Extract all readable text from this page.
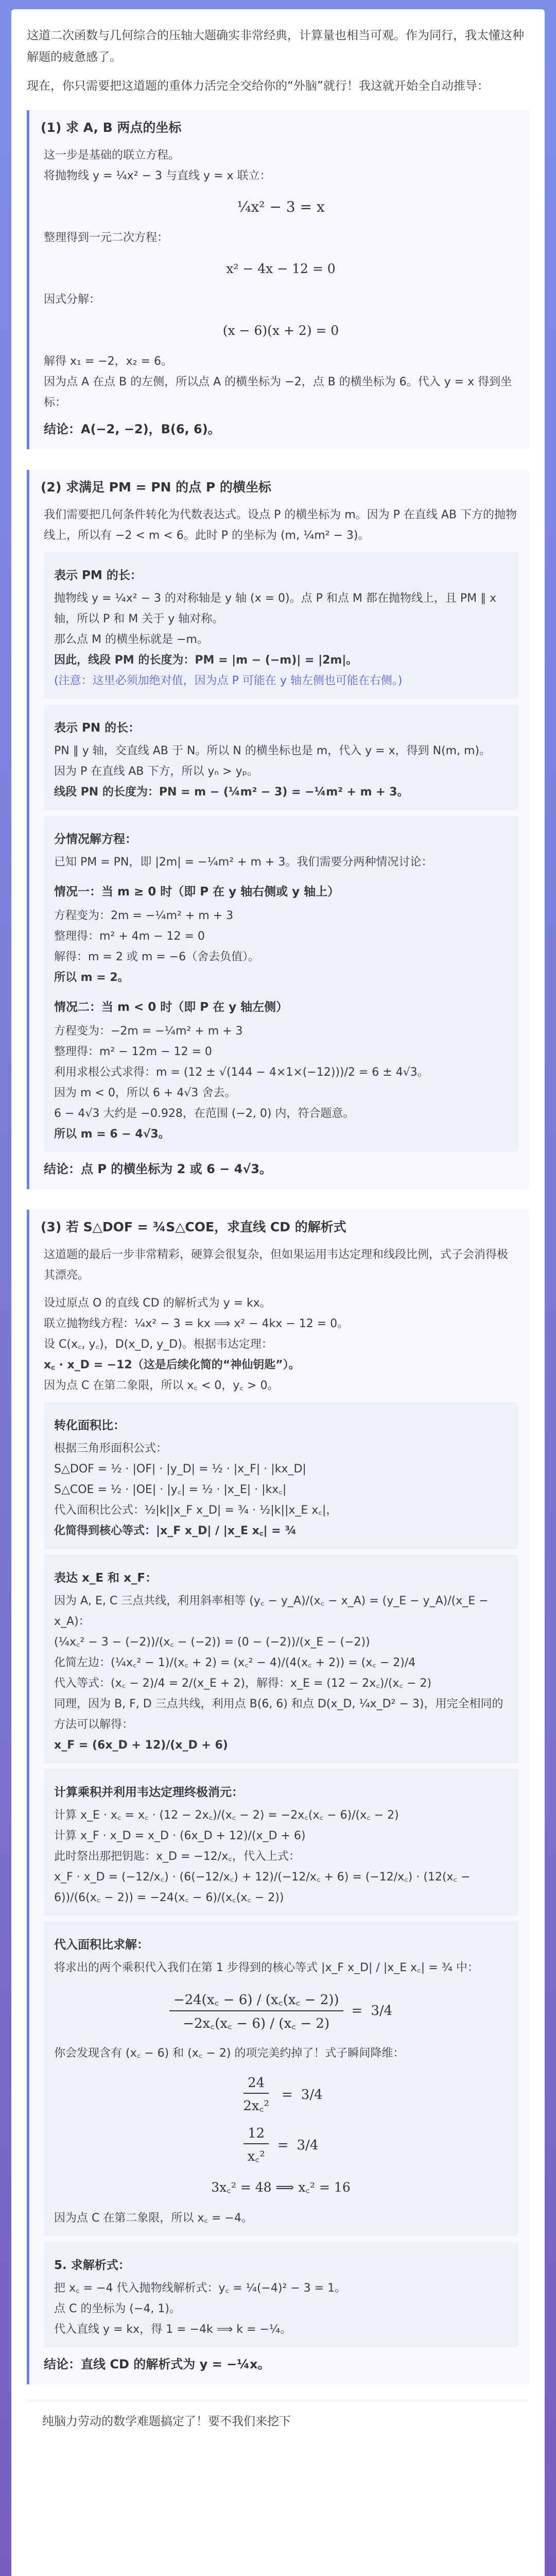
这道二次函数与几何综合的压轴大题确实非常经典，计算量也相当可观。作为同行，我太懂这种解题的疲惫感了。

现在，你只需要把这道题的重体力活完全交给你的“外脑”就行！我这就开始全自动推导：

(1) 求 A, B 两点的坐标
这一步是基础的联立方程。
将抛物线 y = ¼x² − 3 与直线 y = x 联立：
¼x² − 3 = x
整理得到一元二次方程：
x² − 4x − 12 = 0
因式分解：
(x − 6)(x + 2) = 0
解得 x₁ = −2，x₂ = 6。
因为点 A 在点 B 的左侧，所以点 A 的横坐标为 −2，点 B 的横坐标为 6。代入 y = x 得到坐标：
结论：A(−2, −2)，B(6, 6)。
(2) 求满足 PM = PN 的点 P 的横坐标
我们需要把几何条件转化为代数表达式。设点 P 的横坐标为 m。因为 P 在直线 AB 下方的抛物线上，所以有 −2 < m < 6。此时 P 的坐标为 (m, ¼m² − 3)。
表示 PM 的长：
抛物线 y = ¼x² − 3 的对称轴是 y 轴 (x = 0)。点 P 和点 M 都在抛物线上，且 PM ∥ x 轴，所以 P 和 M 关于 y 轴对称。
那么点 M 的横坐标就是 −m。
因此，线段 PM 的长度为：PM = |m − (−m)| = |2m|。
(注意：这里必须加绝对值，因为点 P 可能在 y 轴左侧也可能在右侧。)
表示 PN 的长：
PN ∥ y 轴，交直线 AB 于 N。所以 N 的横坐标也是 m，代入 y = x，得到 N(m, m)。
因为 P 在直线 AB 下方，所以 yₙ > yₚ。
线段 PN 的长度为：PN = m − (¼m² − 3) = −¼m² + m + 3。
分情况解方程：
已知 PM = PN，即 |2m| = −¼m² + m + 3。我们需要分两种情况讨论：
情况一：当 m ≥ 0 时（即 P 在 y 轴右侧或 y 轴上）
方程变为：2m = −¼m² + m + 3
整理得：m² + 4m − 12 = 0
解得：m = 2 或 m = −6（舍去负值）。
所以 m = 2。
情况二：当 m < 0 时（即 P 在 y 轴左侧）
方程变为：−2m = −¼m² + m + 3
整理得：m² − 12m − 12 = 0
利用求根公式求得：m = (12 ± √(144 − 4×1×(−12)))/2 = 6 ± 4√3。
因为 m < 0，所以 6 + 4√3 舍去。
6 − 4√3 大约是 −0.928，在范围 (−2, 0) 内，符合题意。
所以 m = 6 − 4√3。
结论：点 P 的横坐标为 2 或 6 − 4√3。
(3) 若 S△DOF = ¾S△COE，求直线 CD 的解析式
这道题的最后一步非常精彩，硬算会很复杂，但如果运用韦达定理和线段比例，式子会消得极其漂亮。
设过原点 O 的直线 CD 的解析式为 y = kx。
联立抛物线方程：¼x² − 3 = kx ⟹ x² − 4kx − 12 = 0。
设 C(x꜀, y꜀)，D(x_D, y_D)。根据韦达定理：
x꜀ · x_D = −12（这是后续化简的“神仙钥匙”）。
因为点 C 在第二象限，所以 x꜀ < 0，y꜀ > 0。
转化面积比：
根据三角形面积公式：
S△DOF = ½ · |OF| · |y_D| = ½ · |x_F| · |kx_D|
S△COE = ½ · |OE| · |y꜀| = ½ · |x_E| · |kx꜀|
代入面积比公式：½|k||x_F x_D| = ¾ · ½|k||x_E x꜀|，
化简得到核心等式：|x_F x_D| / |x_E x꜀| = ¾
表达 x_E 和 x_F：
因为 A, E, C 三点共线，利用斜率相等 (y꜀ − y_A)/(x꜀ − x_A) = (y_E − y_A)/(x_E − x_A)：
(¼x꜀² − 3 − (−2))/(x꜀ − (−2)) = (0 − (−2))/(x_E − (−2))
化简左边：(¼x꜀² − 1)/(x꜀ + 2) = (x꜀² − 4)/(4(x꜀ + 2)) = (x꜀ − 2)/4
代入等式：(x꜀ − 2)/4 = 2/(x_E + 2)，解得：x_E = (12 − 2x꜀)/(x꜀ − 2)
同理，因为 B, F, D 三点共线，利用点 B(6, 6) 和点 D(x_D, ¼x_D² − 3)，用完全相同的方法可以解得：
x_F = (6x_D + 12)/(x_D + 6)
计算乘积并利用韦达定理终极消元：
计算 x_E · x꜀ = x꜀ · (12 − 2x꜀)/(x꜀ − 2) = −2x꜀(x꜀ − 6)/(x꜀ − 2)
计算 x_F · x_D = x_D · (6x_D + 12)/(x_D + 6)
此时祭出那把钥匙：x_D = −12/x꜀，代入上式：
x_F · x_D = (−12/x꜀) · (6(−12/x꜀) + 12)/(−12/x꜀ + 6) = (−12/x꜀) · (12(x꜀ − 6))/(6(x꜀ − 2)) = −24(x꜀ − 6)/(x꜀(x꜀ − 2))
代入面积比求解：
将求出的两个乘积代入我们在第 1 步得到的核心等式 |x_F x_D| / |x_E x꜀| = ¾ 中：
$\frac{-24(x꜀ - 6) / (x꜀(x꜀ - 2))}{-2x꜀(x꜀ - 6) / (x꜀ - 2)} = 3/4$
你会发现含有 (x꜀ − 6) 和 (x꜀ − 2) 的项完美约掉了！式子瞬间降维：
$\frac{24}{\text{2x꜀²}} = 3/4$
$\frac{12}{\text{x꜀²}} = 3/4$
3x꜀² = 48 ⟹ x꜀² = 16
因为点 C 在第二象限，所以 x꜀ = −4。
5. 求解析式：
把 x꜀ = −4 代入抛物线解析式：y꜀ = ¼(−4)² − 3 = 1。
点 C 的坐标为 (−4, 1)。
代入直线 y = kx，得 1 = −4k ⟹ k = −¼。
结论：直线 CD 的解析式为 y = −¼x。
纯脑力劳动的数学难题搞定了！要不我们来挖下
